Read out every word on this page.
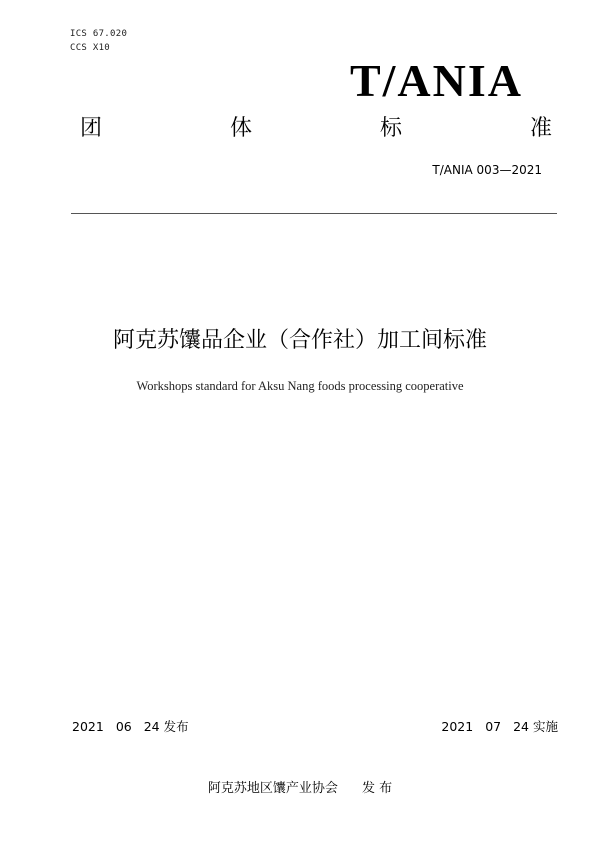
ICS 67.020
CCS X10
T/ANIA
团	体	标	准
T/ANIA 003—2021
阿克苏馕品企业（合作社）加工间标准
Workshops standard for Aksu Nang foods processing cooperative
2021 06 24 发布	2021 07 24 实施
阿克苏地区馕产业协会 发 布
